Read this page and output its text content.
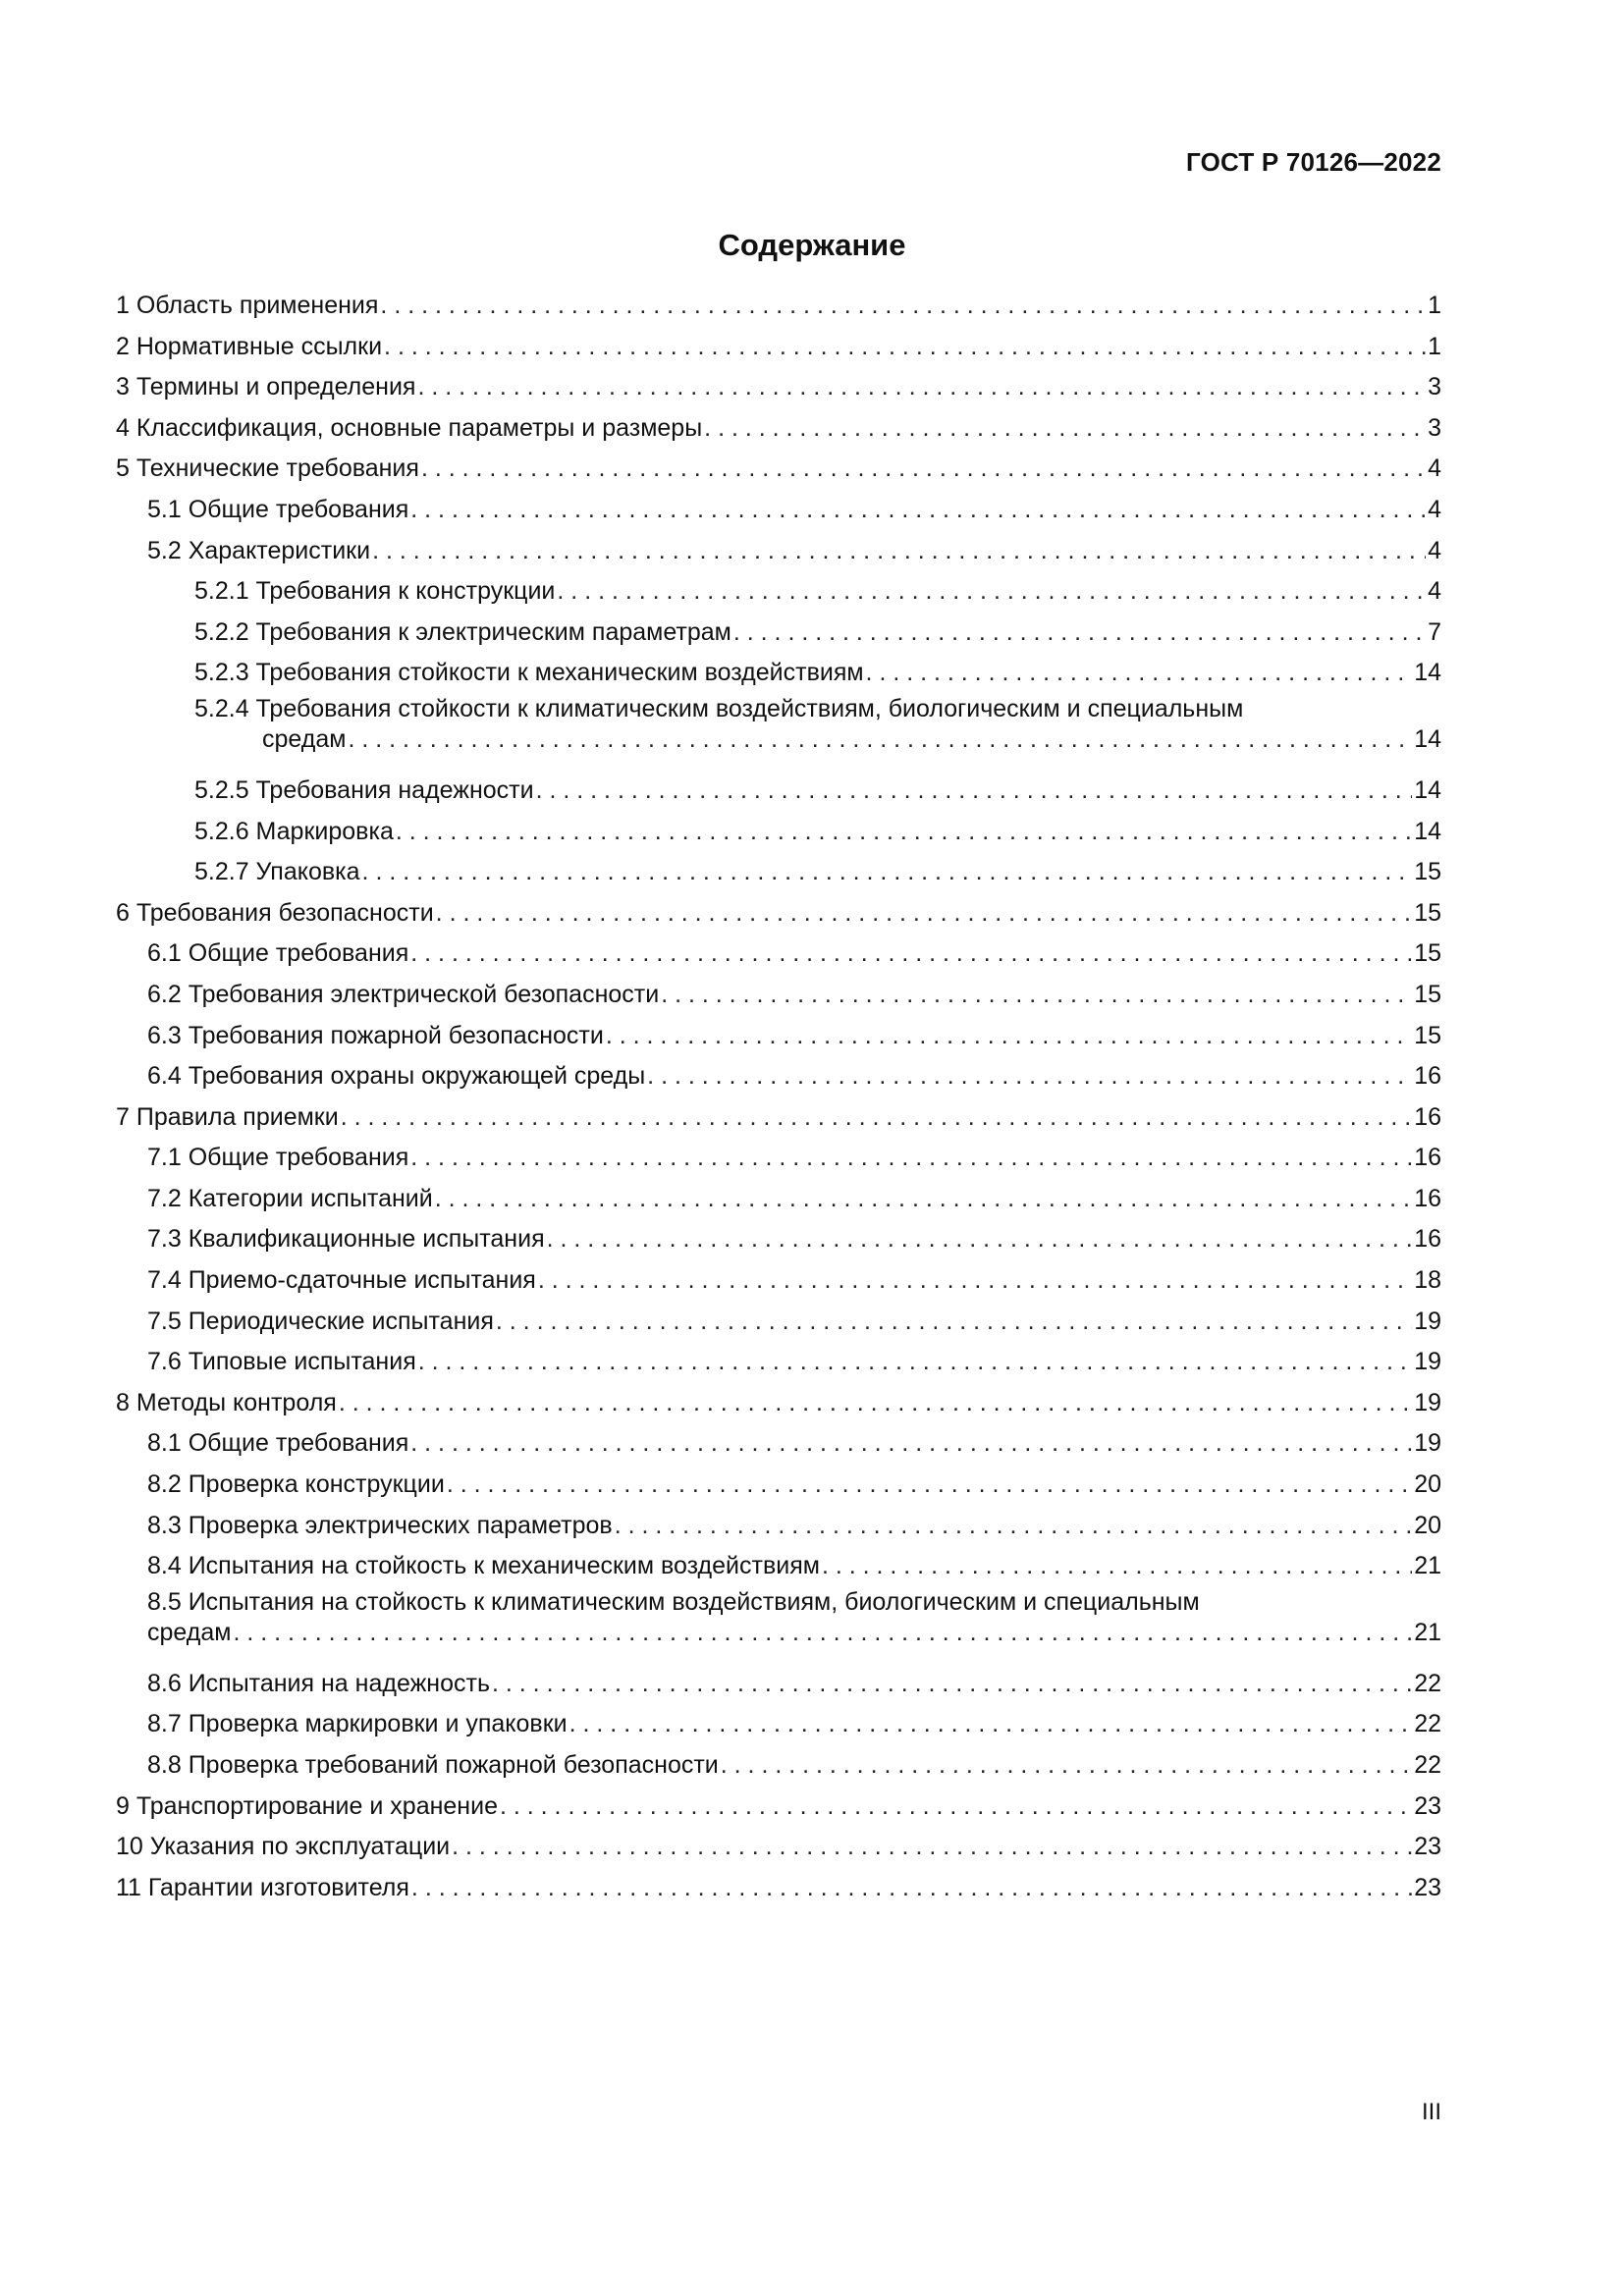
ГОСТ Р 70126—2022
Содержание
1 Область применения . . .	1
2 Нормативные ссылки . . .	1
3 Термины и определения . . .	3
4 Классификация, основные параметры и размеры . . .	3
5 Технические требования . . .	4
5.1 Общие требования . . .	4
5.2 Характеристики . . .	4
5.2.1 Требования к конструкции . . .	4
5.2.2 Требования к электрическим параметрам . . .	7
5.2.3 Требования стойкости к механическим воздействиям . . .	14
5.2.4 Требования стойкости к климатическим воздействиям, биологическим и специальным
средам . . .	14
5.2.5 Требования надежности . . .	14
5.2.6 Маркировка . . .	14
5.2.7 Упаковка . . .	15
6 Требования безопасности . . .	15
6.1 Общие требования . . .	15
6.2 Требования электрической безопасности . . .	15
6.3 Требования пожарной безопасности . . .	15
6.4 Требования охраны окружающей среды . . .	16
7 Правила приемки . . .	16
7.1 Общие требования . . .	16
7.2 Категории испытаний . . .	16
7.3 Квалификационные испытания . . .	16
7.4 Приемо-сдаточные испытания . . .	18
7.5 Периодические испытания . . .	19
7.6 Типовые испытания . . .	19
8 Методы контроля . . .	19
8.1 Общие требования . . .	19
8.2 Проверка конструкции . . .	20
8.3 Проверка электрических параметров . . .	20
8.4 Испытания на стойкость к механическим воздействиям . . .	21
8.5 Испытания на стойкость к климатическим воздействиям, биологическим и специальным
средам . . .	21
8.6 Испытания на надежность . . .	22
8.7 Проверка маркировки и упаковки . . .	22
8.8 Проверка требований пожарной безопасности . . .	22
9 Транспортирование и хранение . . .	23
10 Указания по эксплуатации . . .	23
11 Гарантии изготовителя . . .	23
III
